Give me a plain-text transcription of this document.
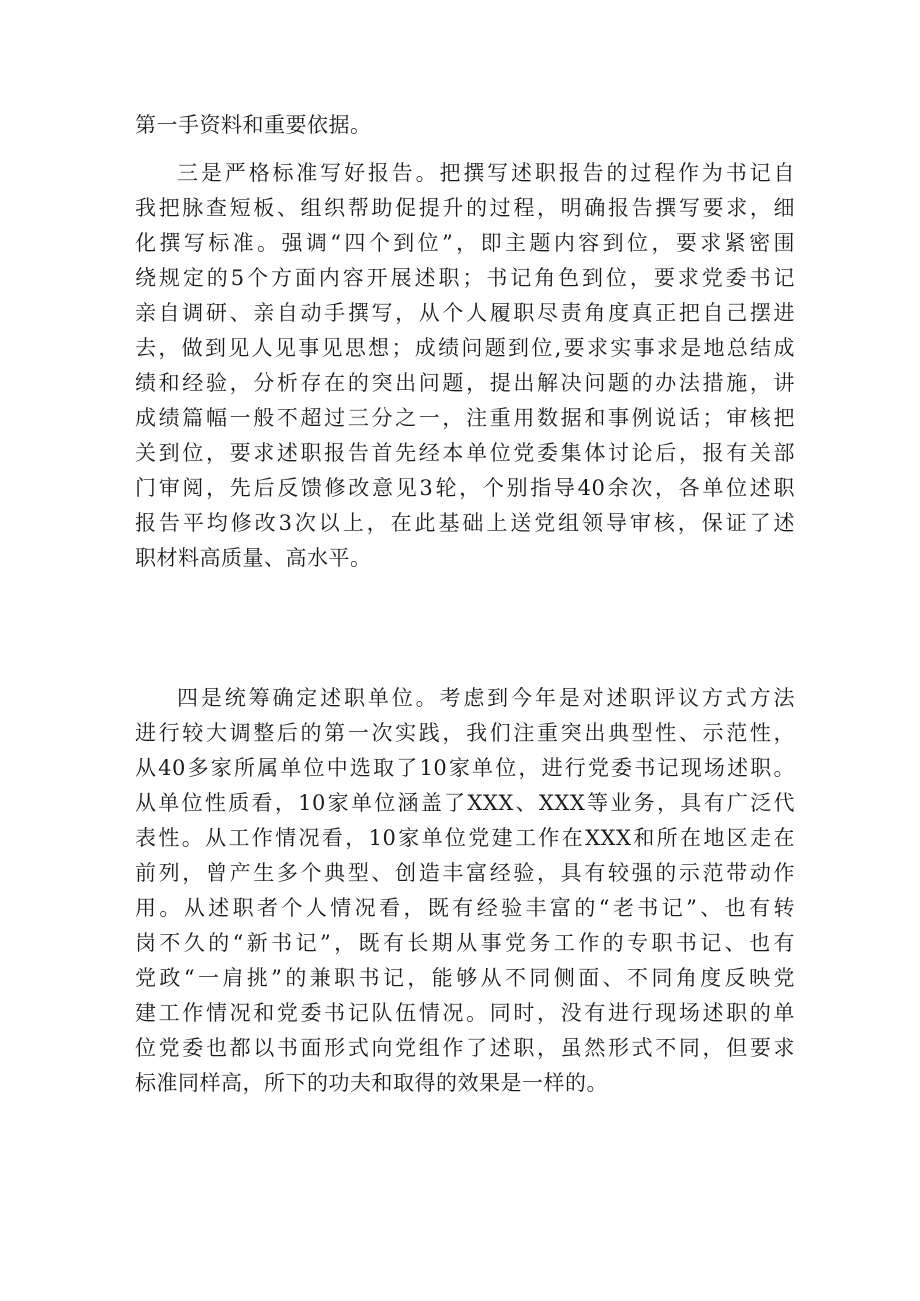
第一手资料和重要依据。
三是严格标准写好报告。把撰写述职报告的过程作为书记自
我把脉查短板、组织帮助促提升的过程，明确报告撰写要求，细
化撰写标准。强调“四个到位”，即主题内容到位，要求紧密围
绕规定的5个方面内容开展述职；书记角色到位，要求党委书记
亲自调研、亲自动手撰写，从个人履职尽责角度真正把自己摆进
去，做到见人见事见思想；成绩问题到位,要求实事求是地总结成
绩和经验，分析存在的突出问题，提出解决问题的办法措施，讲
成绩篇幅一般不超过三分之一，注重用数据和事例说话；审核把
关到位，要求述职报告首先经本单位党委集体讨论后，报有关部
门审阅，先后反馈修改意见3轮，个别指导40余次，各单位述职
报告平均修改3次以上，在此基础上送党组领导审核，保证了述
职材料高质量、高水平。
四是统筹确定述职单位。考虑到今年是对述职评议方式方法
进行较大调整后的第一次实践，我们注重突出典型性、示范性，
从40多家所属单位中选取了10家单位，进行党委书记现场述职。
从单位性质看，10家单位涵盖了XXX、XXX等业务，具有广泛代
表性。从工作情况看，10家单位党建工作在XXX和所在地区走在
前列，曾产生多个典型、创造丰富经验，具有较强的示范带动作
用。从述职者个人情况看，既有经验丰富的“老书记”、也有转
岗不久的“新书记”，既有长期从事党务工作的专职书记、也有
党政“一肩挑”的兼职书记，能够从不同侧面、不同角度反映党
建工作情况和党委书记队伍情况。同时，没有进行现场述职的单
位党委也都以书面形式向党组作了述职，虽然形式不同，但要求
标准同样高，所下的功夫和取得的效果是一样的。
